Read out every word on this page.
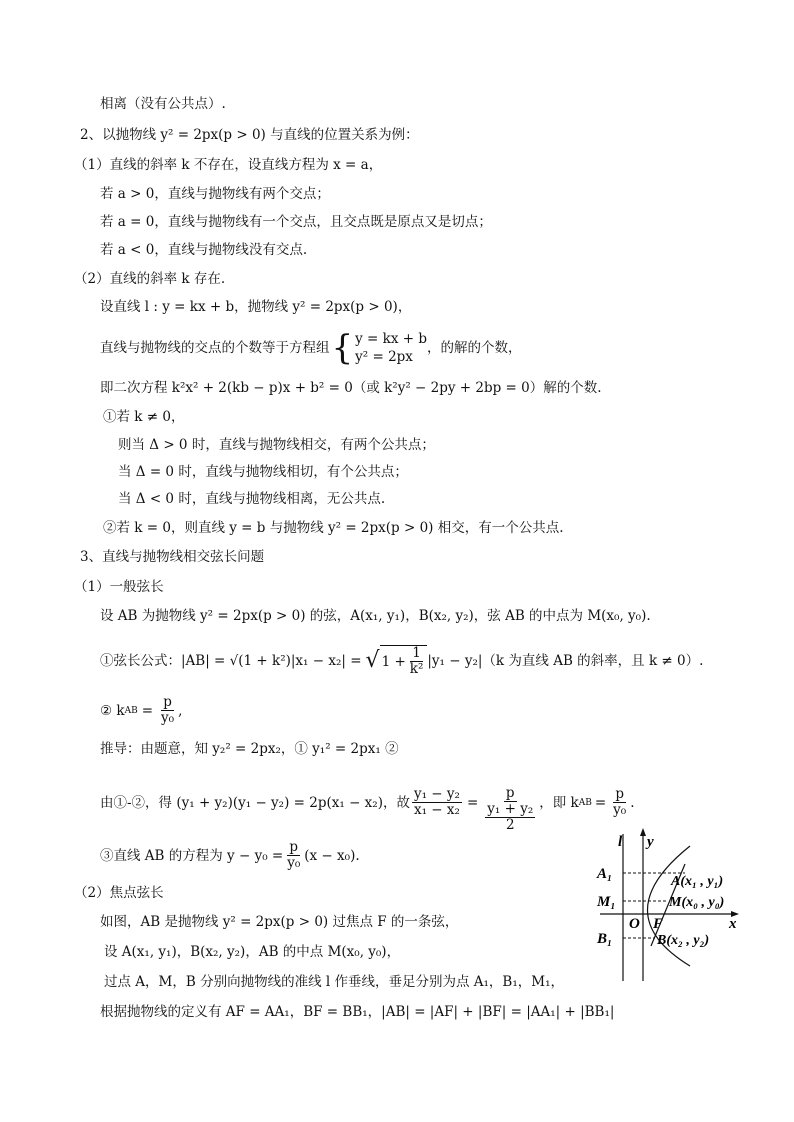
相离（没有公共点）.
2、以抛物线 y² = 2px(p > 0) 与直线的位置关系为例：
（1）直线的斜率 k 不存在，设直线方程为 x = a，
若 a > 0，直线与抛物线有两个交点；
若 a = 0，直线与抛物线有一个交点，且交点既是原点又是切点；
若 a < 0，直线与抛物线没有交点.
（2）直线的斜率 k 存在.
设直线 l : y = kx + b，抛物线 y² = 2px(p > 0)，
直线与抛物线的交点的个数等于方程组 { y = kx + b
y² = 2px
，的解的个数，
即二次方程 k²x² + 2(kb − p)x + b² = 0（或 k²y² − 2py + 2bp = 0）解的个数.
①若 k ≠ 0，
则当 Δ > 0 时，直线与抛物线相交，有两个公共点；
当 Δ = 0 时，直线与抛物线相切，有个公共点；
当 Δ < 0 时，直线与抛物线相离，无公共点.
②若 k = 0，则直线 y = b 与抛物线 y² = 2px(p > 0) 相交，有一个公共点.
3、直线与抛物线相交弦长问题
（1）一般弦长
设 AB 为抛物线 y² = 2px(p > 0) 的弦，A(x₁, y₁)，B(x₂, y₂)，弦 AB 的中点为 M(x₀, y₀).
①弦长公式：|AB| = √(1 + k²)|x₁ − x₂| = √ $1 + \frac{1}{\text{k²}} |y_1 - y_2|(k$ 为直线 AB 的斜率，且 k ≠ 0）.
② k AB = $\frac{p}{\text{y₀}}$ ,
推导：由题意，知 y₂² = 2px₂，① y₁² = 2px₁ ②
由①-②，得 (y₁ + y₂)(y₁ − y₂) = 2p(x₁ − x₂)，故 $\frac{\text{y₁ − y₂}}{\text{x₁ − x₂}} = p$
y₁ + y₂
2 ，即 k AB = $\frac{p}{\text{y₀}}$ .
③直线 AB 的方程为 $y - y_0 = \frac{p}{\text{y₀}} (x - x_0)$.
（2）焦点弦长
如图，AB 是抛物线 y² = 2px(p > 0) 过焦点 F 的一条弦，
设 A(x₁, y₁)，B(x₂, y₂)，AB 的中点 M(x₀, y₀)，
过点 A，M，B 分别向抛物线的准线 l 作垂线，垂足分别为点 A₁，B₁，M₁，
根据抛物线的定义有 AF = AA₁，BF = BB₁，|AB| = |AF| + |BF| = |AA₁| + |BB₁|
l y
x
O F
A₁
M₁
B₁
A(x₁ , y₁)
M(x₀ , y₀)
B(x₂ , y₂)
